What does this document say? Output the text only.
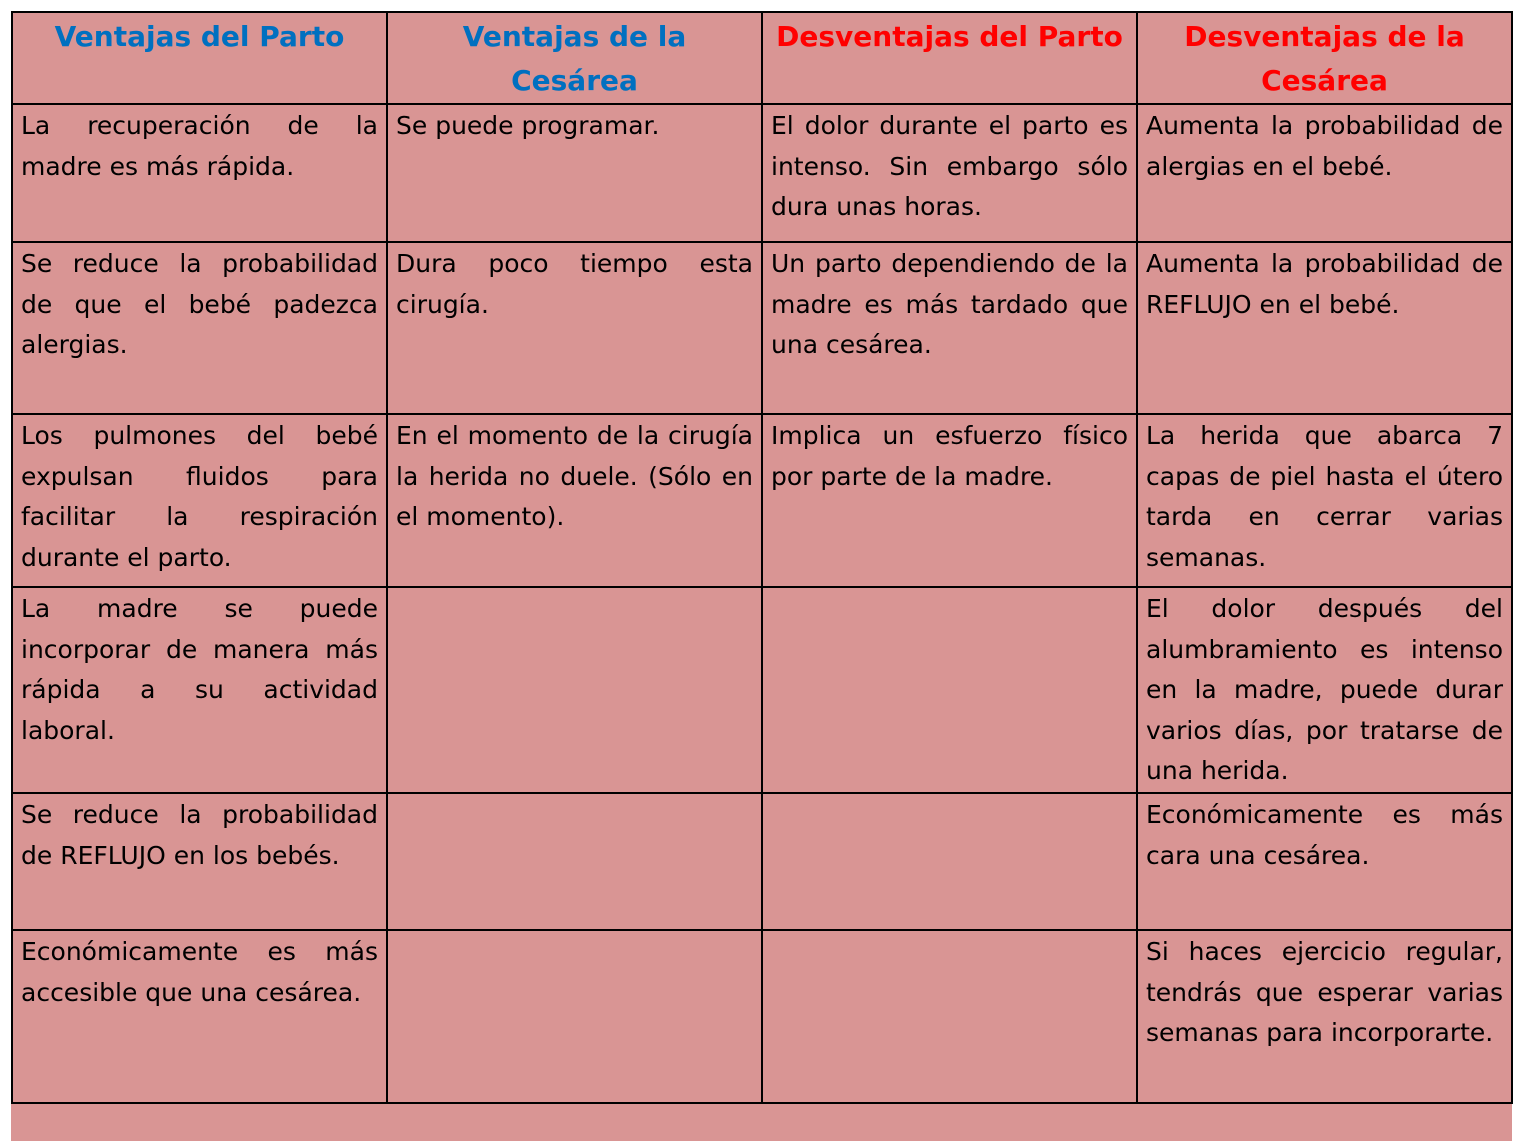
Ventajas del Parto	Ventajas de la Cesárea	Desventajas del Parto	Desventajas de la Cesárea
La recuperación de la madre es más rápida.	Se puede programar.	El dolor durante el parto es intenso. Sin embargo sólo dura unas horas.	Aumenta la probabilidad de alergias en el bebé.
Se reduce la probabilidad de que el bebé padezca alergias.	Dura poco tiempo esta cirugía.	Un parto dependiendo de la madre es más tardado que una cesárea.	Aumenta la probabilidad de REFLUJO en el bebé.
Los pulmones del bebé expulsan fluidos para facilitar la respiración durante el parto.	En el momento de la cirugía la herida no duele. (Sólo en el momento).	Implica un esfuerzo físico por parte de la madre.	La herida que abarca 7 capas de piel hasta el útero tarda en cerrar varias semanas.
La madre se puede incorporar de manera más rápida a su actividad laboral.			El dolor después del alumbramiento es intenso en la madre, puede durar varios días, por tratarse de una herida.
Se reduce la probabilidad de REFLUJO en los bebés.			Económicamente es más cara una cesárea.
Económicamente es más accesible que una cesárea.			Si haces ejercicio regular, tendrás que esperar varias semanas para incorporarte.
